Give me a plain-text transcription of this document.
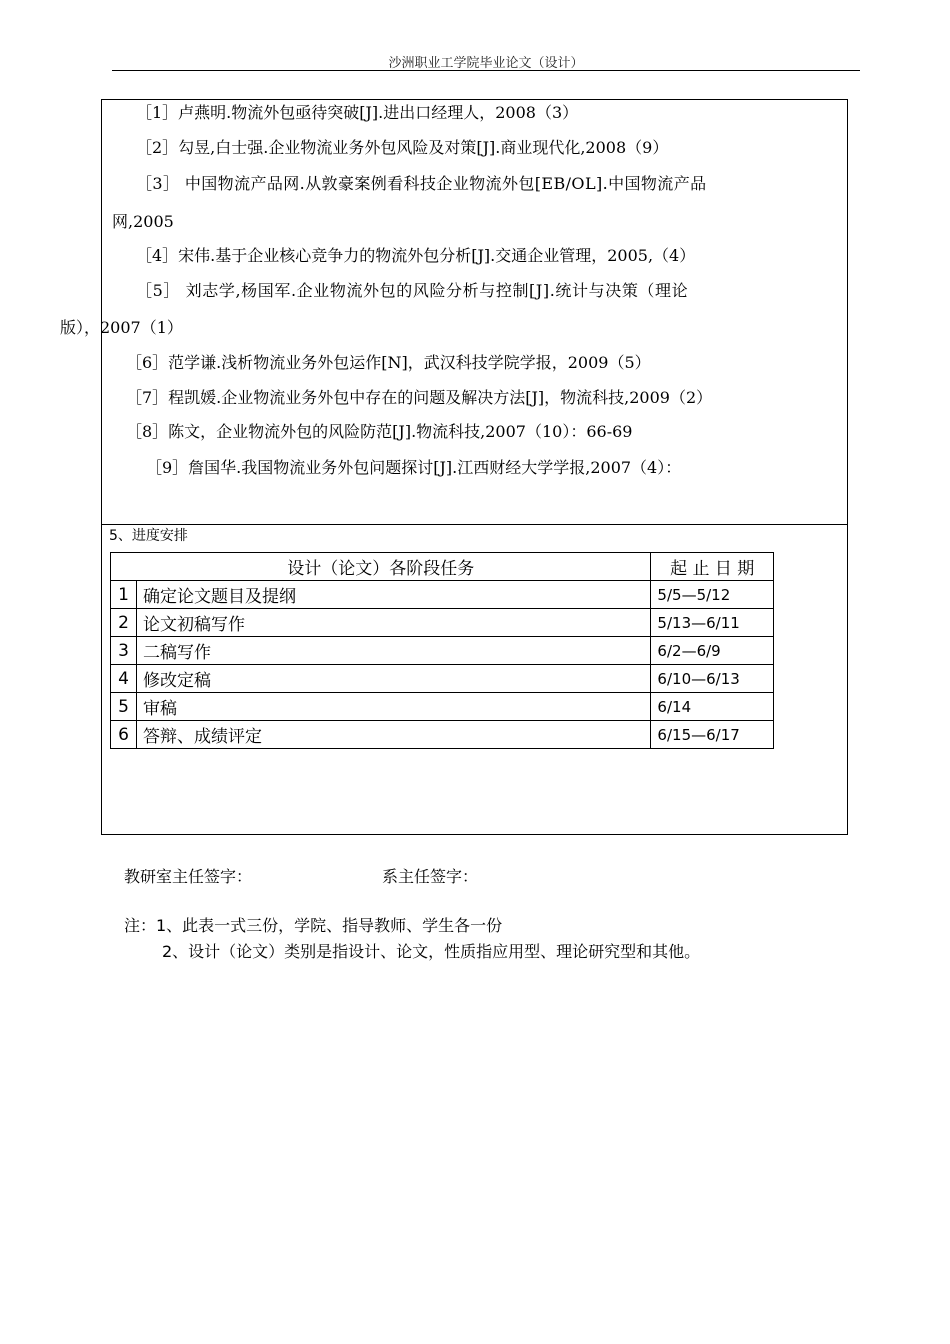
沙洲职业工学院毕业论文（设计）
［1］卢燕明.物流外包亟待突破[J].进出口经理人，2008（3）
［2］勾昱,白士强.企业物流业务外包风险及对策[J].商业现代化,2008（9）
［3］ 中国物流产品网.从敦豪案例看科技企业物流外包[EB/OL].中国物流产品
网,2005
［4］宋伟.基于企业核心竞争力的物流外包分析[J].交通企业管理，2005,（4）
［5］ 刘志学,杨国军.企业物流外包的风险分析与控制[J].统计与决策（理论
版），2007（1）
［6］范学谦.浅析物流业务外包运作[N]，武汉科技学院学报，2009（5）
［7］程凯媛.企业物流业务外包中存在的问题及解决方法[J]，物流科技,2009（2）
［8］陈文，企业物流外包的风险防范[J].物流科技,2007（10）：66-69
［9］詹国华.我国物流业务外包问题探讨[J].江西财经大学学报,2007（4）：
5、进度安排
设计（论文）各阶段任务		起 止 日 期
1	确定论文题目及提纲	5/5—5/12
2	论文初稿写作	5/13—6/11
3	二稿写作	6/2—6/9
4	修改定稿	6/10—6/13
5	审稿	6/14
6	答辩、成绩评定	6/15—6/17
教研室主任签字：	系主任签字：
注：1、此表一式三份，学院、指导教师、学生各一份
2、设计（论文）类别是指设计、论文，性质指应用型、理论研究型和其他。
